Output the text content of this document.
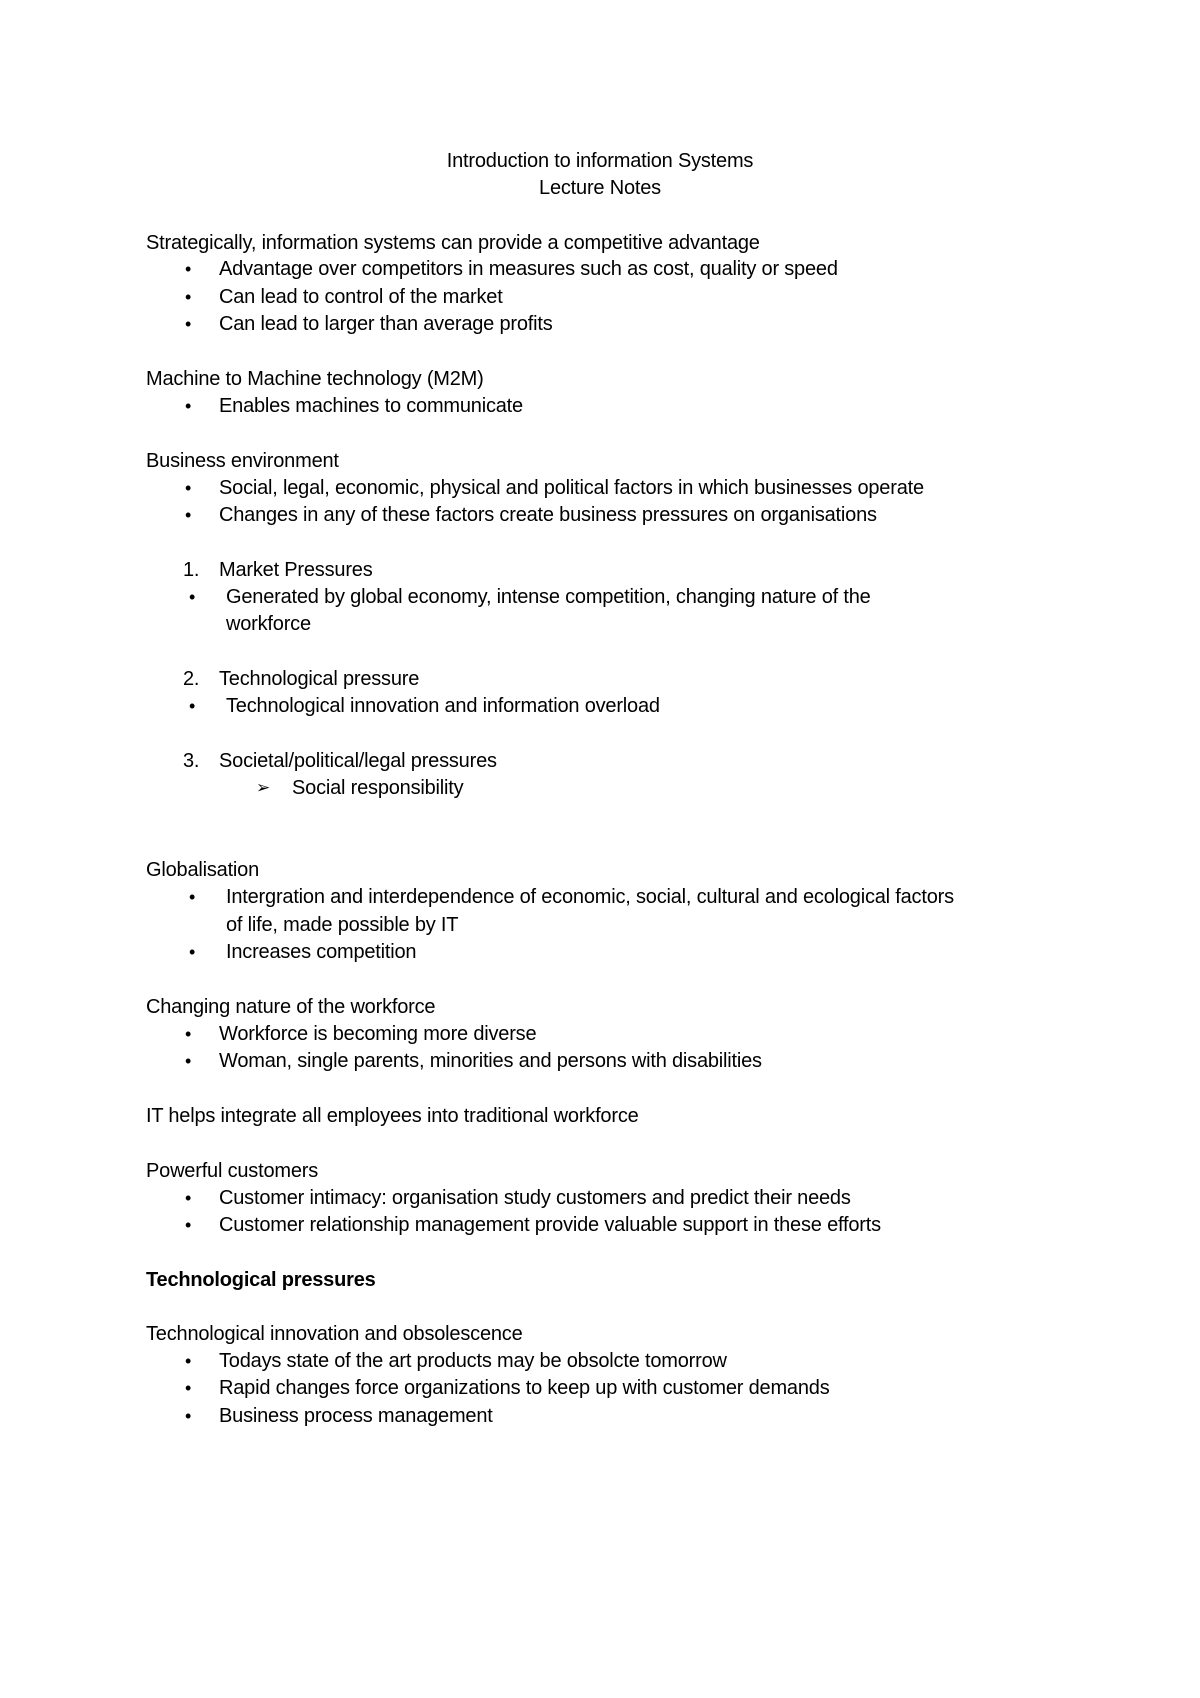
Introduction to information Systems
Lecture Notes
Strategically, information systems can provide a competitive advantage
• Advantage over competitors in measures such as cost, quality or speed
• Can lead to control of the market
• Can lead to larger than average profits
Machine to Machine technology (M2M)
• Enables machines to communicate
Business environment
• Social, legal, economic, physical and political factors in which businesses operate
• Changes in any of these factors create business pressures on organisations
1. Market Pressures
• Generated by global economy, intense competition, changing nature of the
workforce
2. Technological pressure
• Technological innovation and information overload
3. Societal/political/legal pressures
➢ Social responsibility
Globalisation
• Intergration and interdependence of economic, social, cultural and ecological factors
of life, made possible by IT
• Increases competition
Changing nature of the workforce
• Workforce is becoming more diverse
• Woman, single parents, minorities and persons with disabilities
IT helps integrate all employees into traditional workforce
Powerful customers
• Customer intimacy: organisation study customers and predict their needs
• Customer relationship management provide valuable support in these efforts
Technological pressures
Technological innovation and obsolescence
• Todays state of the art products may be obsolcte tomorrow
• Rapid changes force organizations to keep up with customer demands
• Business process management
